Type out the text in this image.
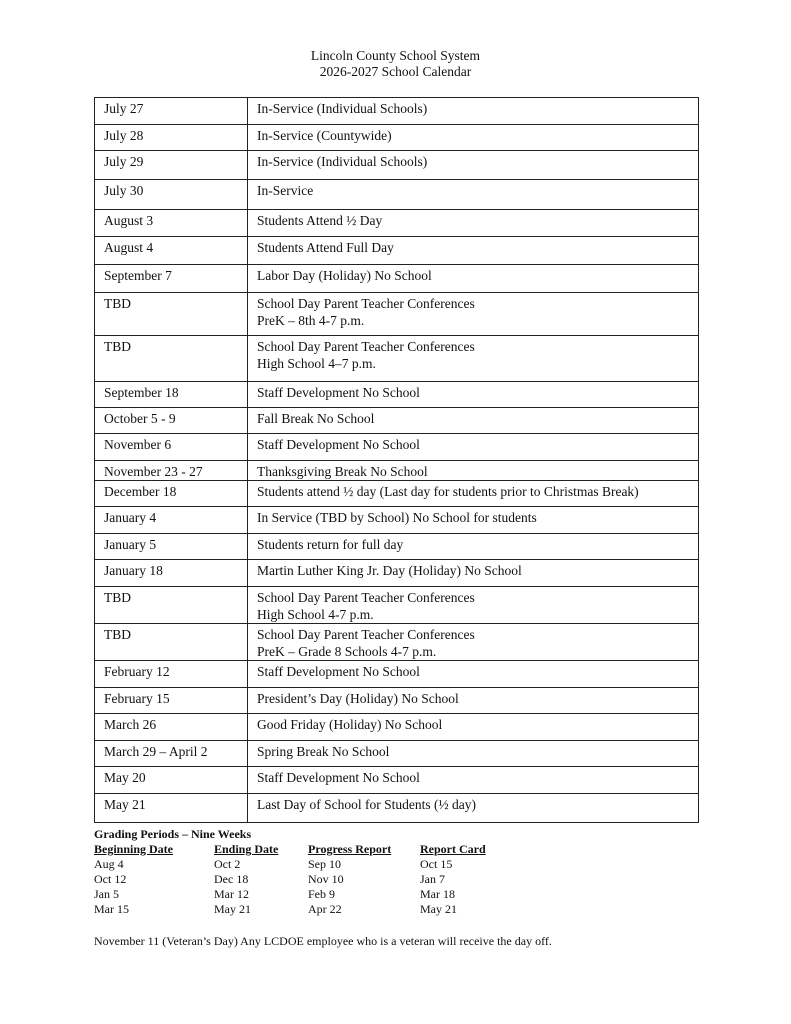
Lincoln County School System
2026-2027 School Calendar
July 27	In-Service (Individual Schools)

July 28	In-Service (Countywide)

July 29	In-Service (Individual Schools)

July 30	In-Service

August 3	Students Attend ½ Day

August 4	Students Attend Full Day

September 7	Labor Day (Holiday) No School

TBD	School Day Parent Teacher Conferences
PreK – 8th 4-7 p.m.

TBD	School Day Parent Teacher Conferences
High School 4–7 p.m.

September 18	Staff Development No School

October 5 - 9	Fall Break No School

November 6	Staff Development No School

November 23 - 27	Thanksgiving Break No School

December 18	Students attend ½ day (Last day for students prior to Christmas Break)

January 4	In Service (TBD by School) No School for students

January 5	Students return for full day

January 18	Martin Luther King Jr. Day (Holiday) No School

TBD	School Day Parent Teacher Conferences
High School 4-7 p.m.

TBD	School Day Parent Teacher Conferences
PreK – Grade 8 Schools 4-7 p.m.

February 12	Staff Development No School

February 15	President’s Day (Holiday) No School

March 26	Good Friday (Holiday) No School

March 29 – April 2	Spring Break No School

May 20	Staff Development No School

May 21	Last Day of School for Students (½ day)
Grading Periods – Nine Weeks
Beginning Date	Ending Date	Progress Report	Report Card
Aug 4	Oct 2	Sep 10	Oct 15
Oct 12	Dec 18	Nov 10	Jan 7
Jan 5	Mar 12	Feb 9	Mar 18
Mar 15	May 21	Apr 22	May 21
November 11 (Veteran’s Day) Any LCDOE employee who is a veteran will receive the day off.
